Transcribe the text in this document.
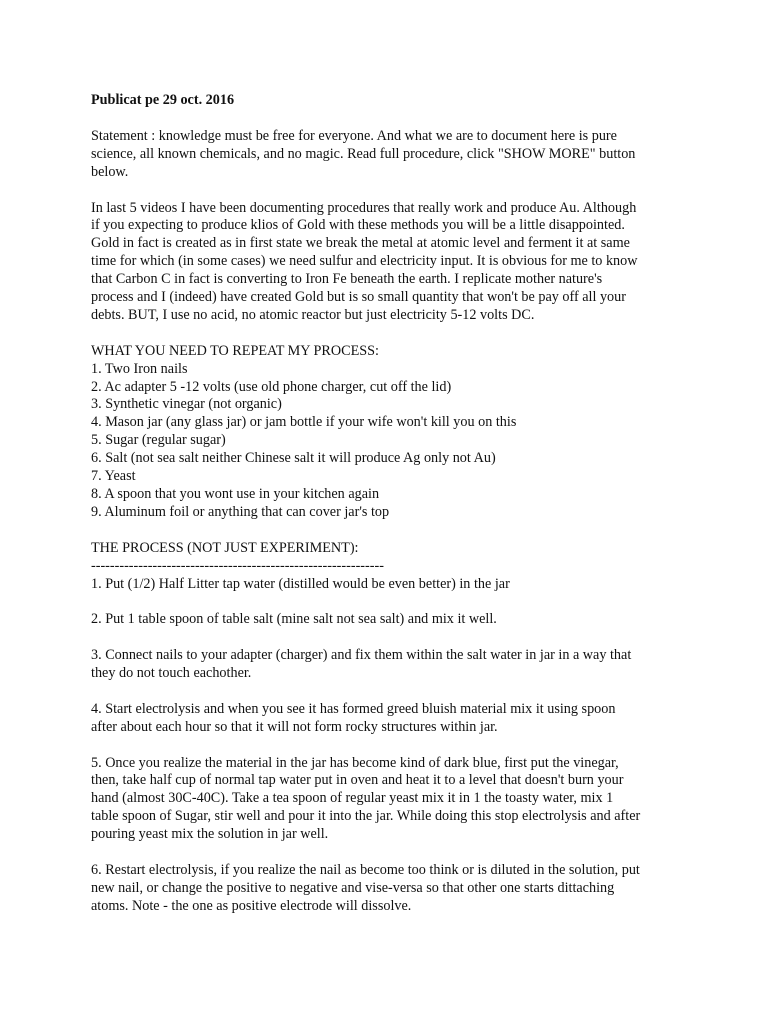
Publicat pe 29 oct. 2016
Statement : knowledge must be free for everyone. And what we are to document here is pure
science, all known chemicals, and no magic. Read full procedure, click "SHOW MORE" button
below.
In last 5 videos I have been documenting procedures that really work and produce Au. Although
if you expecting to produce klios of Gold with these methods you will be a little disappointed.
Gold in fact is created as in first state we break the metal at atomic level and ferment it at same
time for which (in some cases) we need sulfur and electricity input. It is obvious for me to know
that Carbon C in fact is converting to Iron Fe beneath the earth. I replicate mother nature's
process and I (indeed) have created Gold but is so small quantity that won't be pay off all your
debts. BUT, I use no acid, no atomic reactor but just electricity 5-12 volts DC.
WHAT YOU NEED TO REPEAT MY PROCESS:
1. Two Iron nails
2. Ac adapter 5 -12 volts (use old phone charger, cut off the lid)
3. Synthetic vinegar (not organic)
4. Mason jar (any glass jar) or jam bottle if your wife won't kill you on this
5. Sugar (regular sugar)
6. Salt (not sea salt neither Chinese salt it will produce Ag only not Au)
7. Yeast
8. A spoon that you wont use in your kitchen again
9. Aluminum foil or anything that can cover jar's top
THE PROCESS (NOT JUST EXPERIMENT):
--------------------------------------------------------------
1. Put (1/2) Half Litter tap water (distilled would be even better) in the jar
2. Put 1 table spoon of table salt (mine salt not sea salt) and mix it well.
3. Connect nails to your adapter (charger) and fix them within the salt water in jar in a way that
they do not touch eachother.
4. Start electrolysis and when you see it has formed greed bluish material mix it using spoon
after about each hour so that it will not form rocky structures within jar.
5. Once you realize the material in the jar has become kind of dark blue, first put the vinegar,
then, take half cup of normal tap water put in oven and heat it to a level that doesn't burn your
hand (almost 30C-40C). Take a tea spoon of regular yeast mix it in 1 the toasty water, mix 1
table spoon of Sugar, stir well and pour it into the jar. While doing this stop electrolysis and after
pouring yeast mix the solution in jar well.
6. Restart electrolysis, if you realize the nail as become too think or is diluted in the solution, put
new nail, or change the positive to negative and vise-versa so that other one starts dittaching
atoms. Note - the one as positive electrode will dissolve.
